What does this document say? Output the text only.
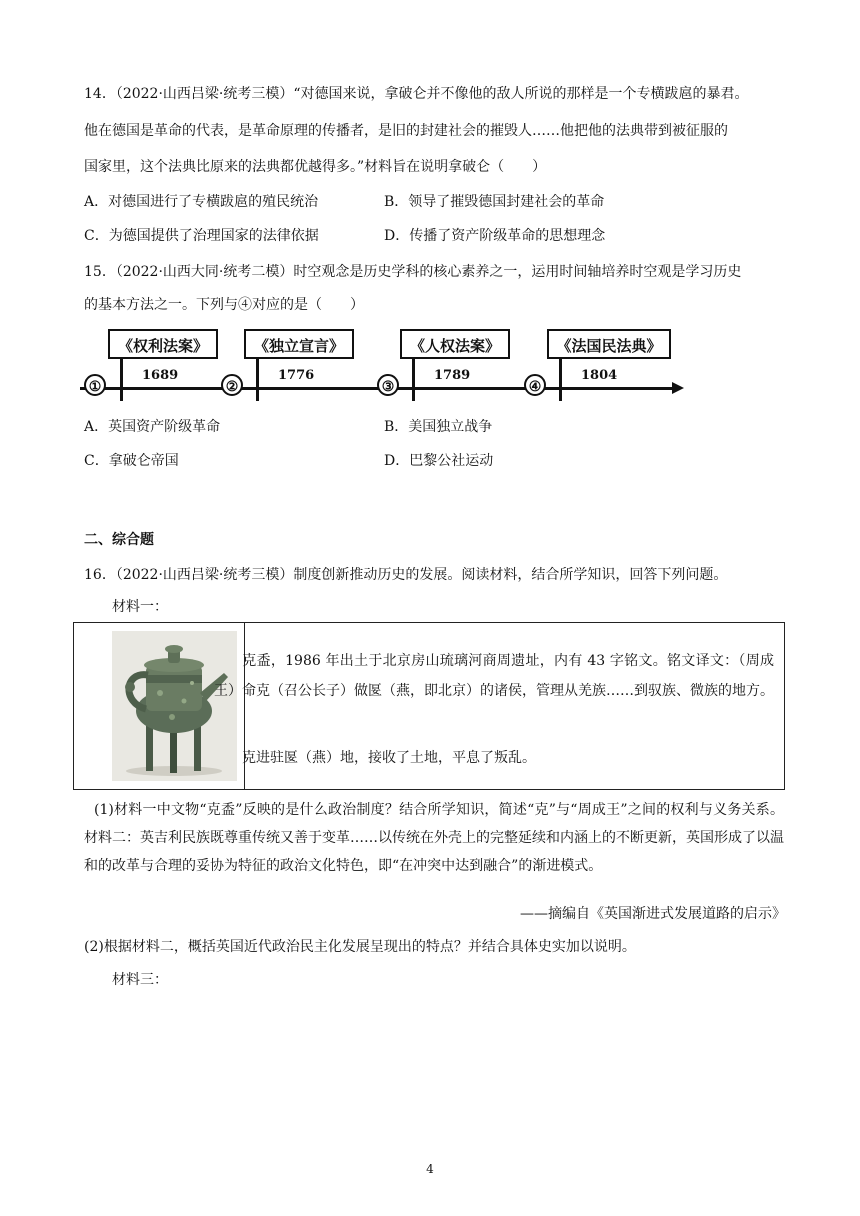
14．（2022·山西吕梁·统考三模）“对德国来说，拿破仑并不像他的敌人所说的那样是一个专横跋扈的暴君。
他在德国是革命的代表，是革命原理的传播者，是旧的封建社会的摧毁人……他把他的法典带到被征服的
国家里，这个法典比原来的法典都优越得多。”材料旨在说明拿破仑（　　）
A．对德国进行了专横跋扈的殖民统治	B．领导了摧毁德国封建社会的革命
C．为德国提供了治理国家的法律依据	D．传播了资产阶级革命的思想理念
15．（2022·山西大同·统考二模）时空观念是历史学科的核心素养之一，运用时间轴培养时空观是学习历史
的基本方法之一。下列与④对应的是（　　）
①
《权利法案》
1689
②
《独立宣言》
1776
③
《人权法案》
1789
④
《法国民法典》
1804
A．英国资产阶级革命	B．美国独立战争
C．拿破仑帝国	D．巴黎公社运动
二、综合题
16．（2022·山西吕梁·统考三模）制度创新推动历史的发展。阅读材料，结合所学知识，回答下列问题。
材料一：
克盉，1986 年出土于北京房山琉璃河商周遗址，内有 43 字铭文。铭文译文：（周成王）命克（召公长子）做匽（燕，即北京）的诸侯，管理从羌族……到驭族、微族的地方。
克进驻匽（燕）地，接收了土地，平息了叛乱。
(1)材料一中文物“克盉”反映的是什么政治制度？结合所学知识，简述“克”与“周成王”之间的权利与义务关系。材料二：英吉利民族既尊重传统又善于变革……以传统在外壳上的完整延续和内涵上的不断更新，英国形成了以温和的改革与合理的妥协为特征的政治文化特色，即“在冲突中达到融合”的渐进模式。
——摘编自《英国渐进式发展道路的启示》
(2)根据材料二，概括英国近代政治民主化发展呈现出的特点？并结合具体史实加以说明。
材料三：
4
